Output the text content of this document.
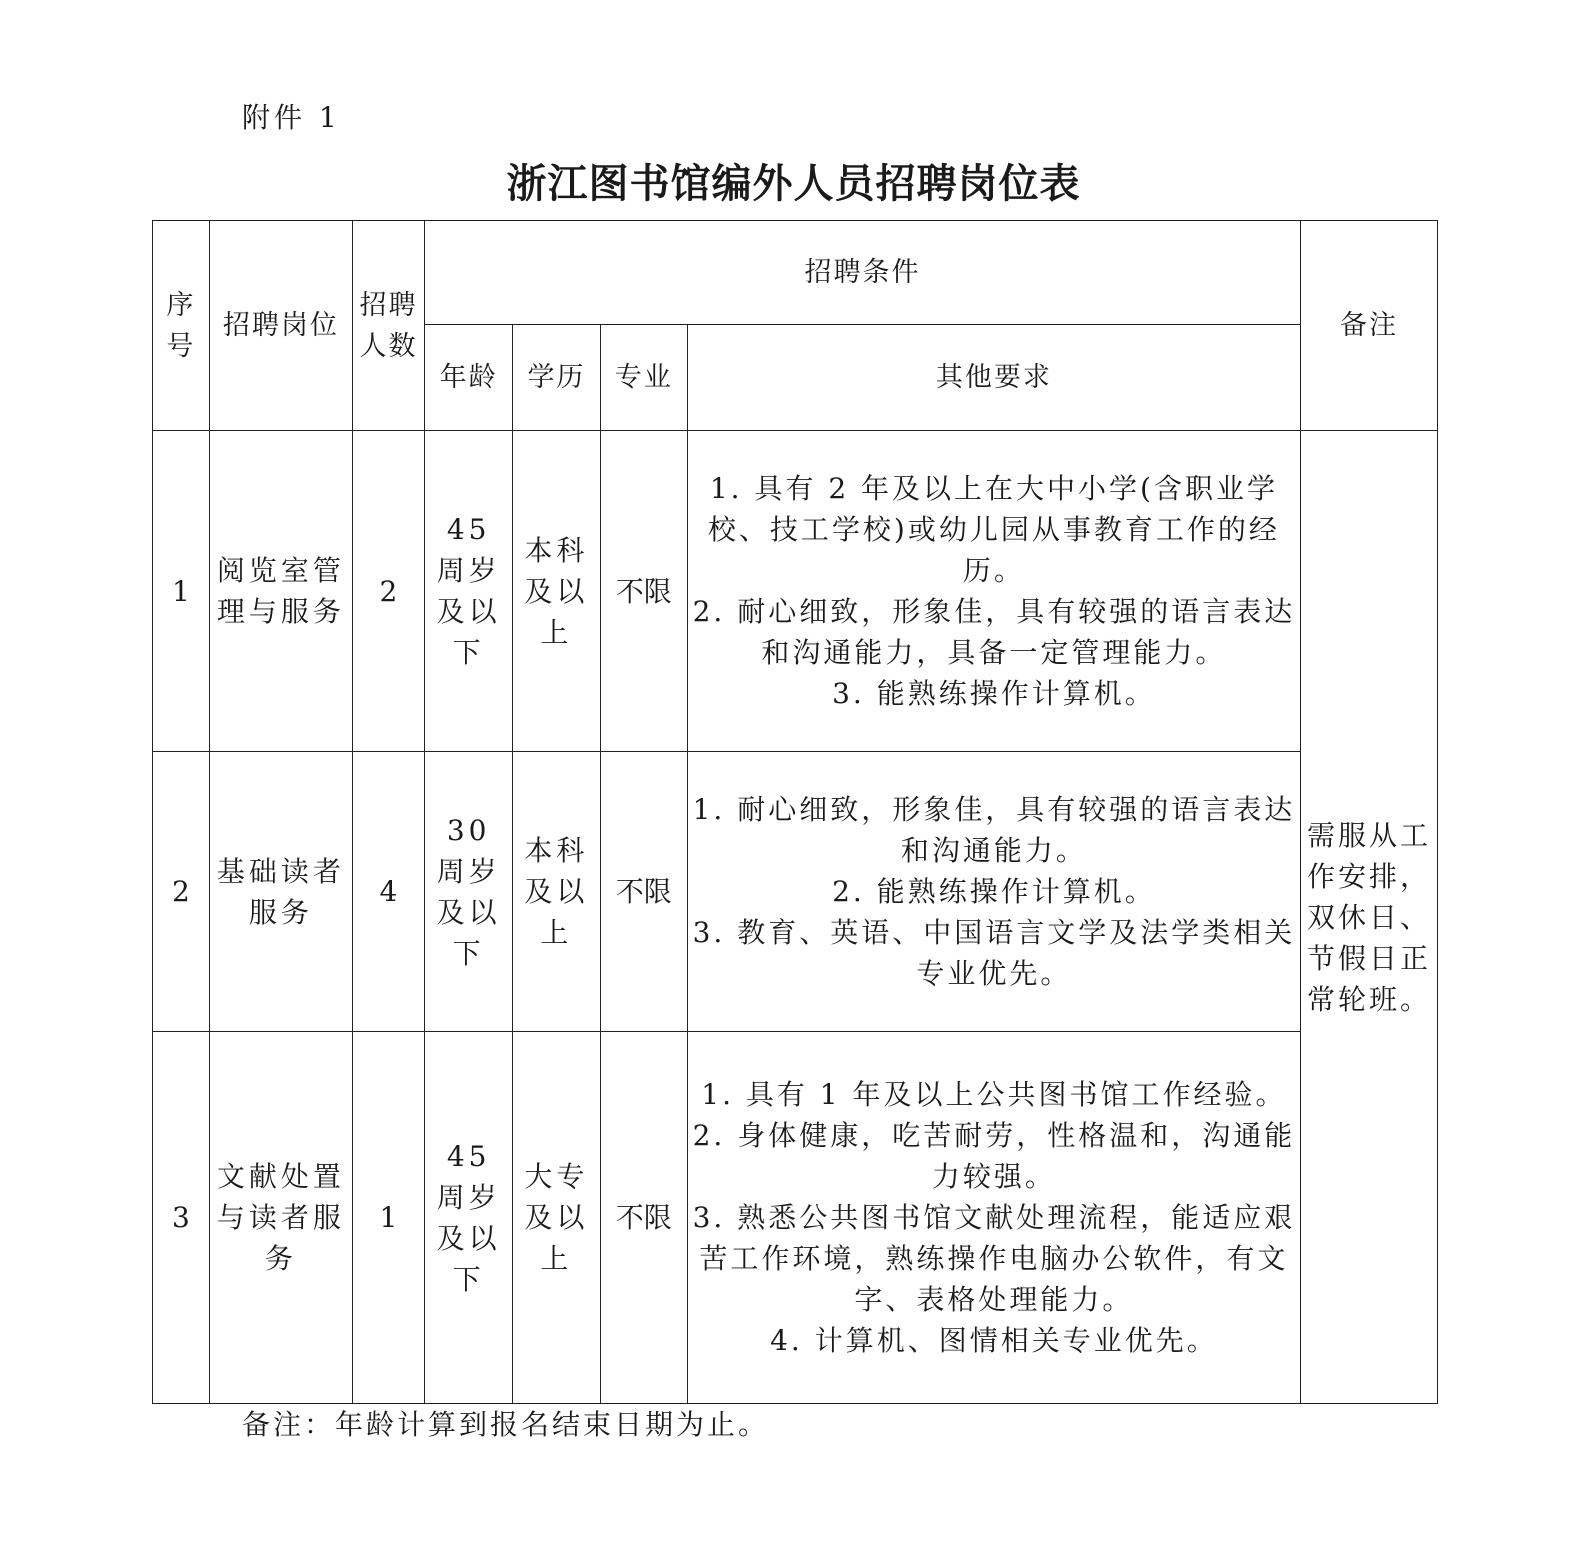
附件 1
浙江图书馆编外人员招聘岗位表
序号	招聘岗位	招聘人数	招聘条件				备注
			年龄	学历	专业	其他要求	
1	阅览室管理与服务	2	45 周岁及以下	本科及以上	不限	1. 具有 2 年及以上在大中小学(含职业学校、技工学校)或幼儿园从事教育工作的经历。
2. 耐心细致，形象佳，具有较强的语言表达和沟通能力，具备一定管理能力。
3. 能熟练操作计算机。	需服从工作安排，双休日、节假日正常轮班。
2	基础读者服务	4	30 周岁及以下	本科及以上	不限	1. 耐心细致，形象佳，具有较强的语言表达和沟通能力。
2. 能熟练操作计算机。
3. 教育、英语、中国语言文学及法学类相关专业优先。	

3	文献处置与读者服务	1	45 周岁及以下	大专及以上	不限	1. 具有 1 年及以上公共图书馆工作经验。
2. 身体健康，吃苦耐劳，性格温和，沟通能力较强。
3. 熟悉公共图书馆文献处理流程，能适应艰苦工作环境，熟练操作电脑办公软件，有文字、表格处理能力。
4. 计算机、图情相关专业优先。	
备注：年龄计算到报名结束日期为止。
